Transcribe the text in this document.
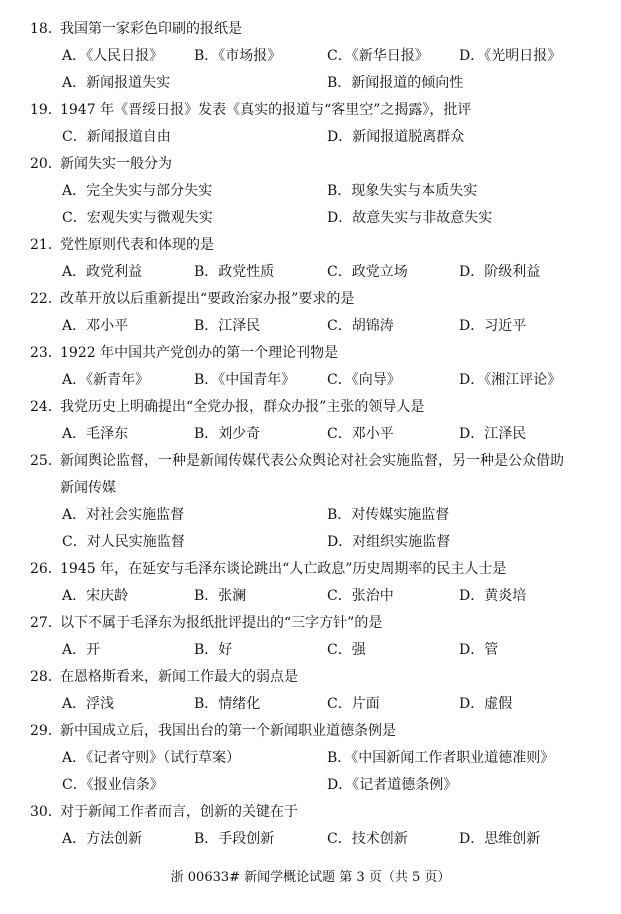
18．
我国第一家彩色印刷的报纸是
A．《人民日报》 B．《市场报》	C．《新华日报》 D．《光明日报》
19．
1947 年《晋绥日报》发表《真实的报道与“客里空”之揭露》，批评
A．新闻报道失实	B．新闻报道的倾向性
C．新闻报道自由	D．新闻报道脱离群众
20．
新闻失实一般分为
A．完全失实与部分失实	B．现象失实与本质失实
C．宏观失实与微观失实	D．故意失实与非故意失实
21．
党性原则代表和体现的是
A．政党利益	B．政党性质	C．政党立场	D．阶级利益
22．
改革开放以后重新提出“要政治家办报”要求的是
A．邓小平	B．江泽民	C．胡锦涛	D．习近平
23．
1922 年中国共产党创办的第一个理论刊物是
A．《新青年》	B．《中国青年》 C．《向导》	D．《湘江评论》
24．
我党历史上明确提出“全党办报，群众办报”主张的领导人是
A．毛泽东	B．刘少奇	C．邓小平	D．江泽民
25．
新闻舆论监督，一种是新闻传媒代表公众舆论对社会实施监督，另一种是公众借助
新闻传媒
A．对社会实施监督	B．对传媒实施监督
C．对人民实施监督	D．对组织实施监督
26．
1945 年，在延安与毛泽东谈论跳出“人亡政息”历史周期率的民主人士是
A．宋庆龄	B．张澜	C．张治中	D．黄炎培
27．
以下不属于毛泽东为报纸批评提出的“三字方针”的是
A．开	B．好	C．强	D．管
28．
在恩格斯看来，新闻工作最大的弱点是
A．浮浅	B．情绪化	C．片面	D．虚假
29．
新中国成立后，我国出台的第一个新闻职业道德条例是
A．《记者守则》（试行草案）	B．《中国新闻工作者职业道德准则》
C．《报业信条》	D．《记者道德条例》
30．
对于新闻工作者而言，创新的关键在于
A．方法创新	B．手段创新	C．技术创新	D．思维创新
浙 00633# 新闻学概论试题 第 3 页（共 5 页）
